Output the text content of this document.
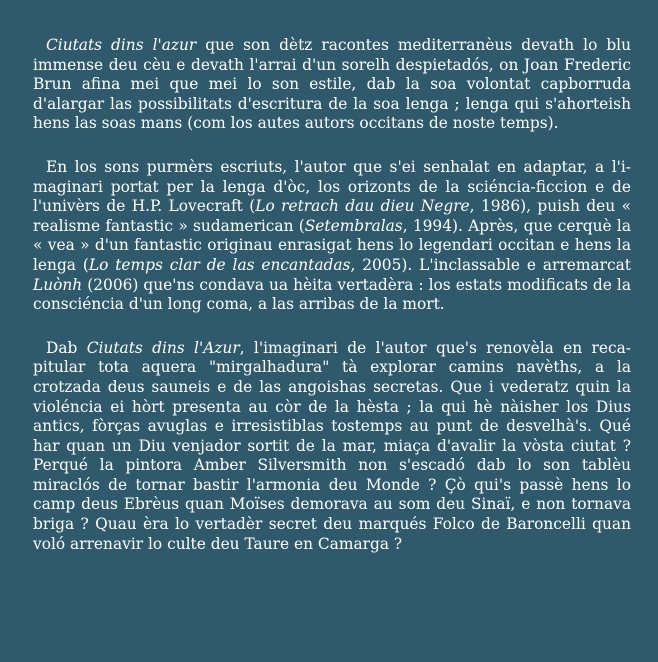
Ciutats dins l'azur que son dètz racontes mediterranèus devath lo blu immense deu cèu e devath l'arrai d'un sorelh despietadós, on Joan Frederic Brun afina mei que mei lo son estile, dab la soa volontat capborruda d'alargar las possibilitats d'escritura de la soa lenga ; lenga qui s'ahorteish hens las soas mans (com los autes autors occitans de noste temps).

En los sons purmèrs escriuts, l'autor que s'ei senhalat en adaptar, a l'imaginari portat per la lenga d'òc, los orizonts de la sciéncia-ficcion e de l'univèrs de H.P. Lovecraft (Lo retrach dau dieu Negre, 1986), puish deu « realisme fantastic » sudamerican (Setembralas, 1994). Après, que cerquè la « vea » d'un fantastic originau enrasigat hens lo legendari occitan e hens la lenga (Lo temps clar de las encantadas, 2005). L'inclassable e arremarcat Luònh (2006) que'ns condava ua hèita vertadèra : los estats modificats de la consciéncia d'un long coma, a las arribas de la mort.

Dab Ciutats dins l'Azur, l'imaginari de l'autor que's renovèla en recapitular tota aquera "mirgalhadura" tà explorar camins navèths, a la crotzada deus sauneis e de las angoishas secretas. Que i vederatz quin la violéncia ei hòrt presenta au còr de la hèsta ; la qui hè nàisher los Dius antics, fòrças avuglas e irresistiblas tostemps au punt de desvelhà's. Qué har quan un Diu venjador sortit de la mar, miaça d'avalir la vòsta ciutat ? Perqué la pintora Amber Silversmith non s'escadó dab lo son tablèu miraclós de tornar bastir l'armonia deu Monde ? Çò qui's passè hens lo camp deus Ebrèus quan Moïses demorava au som deu Sinaï, e non tornava briga ? Quau èra lo vertadèr secret deu marqués Folco de Baroncelli quan voló arrenavir lo culte deu Taure en Camarga ?
